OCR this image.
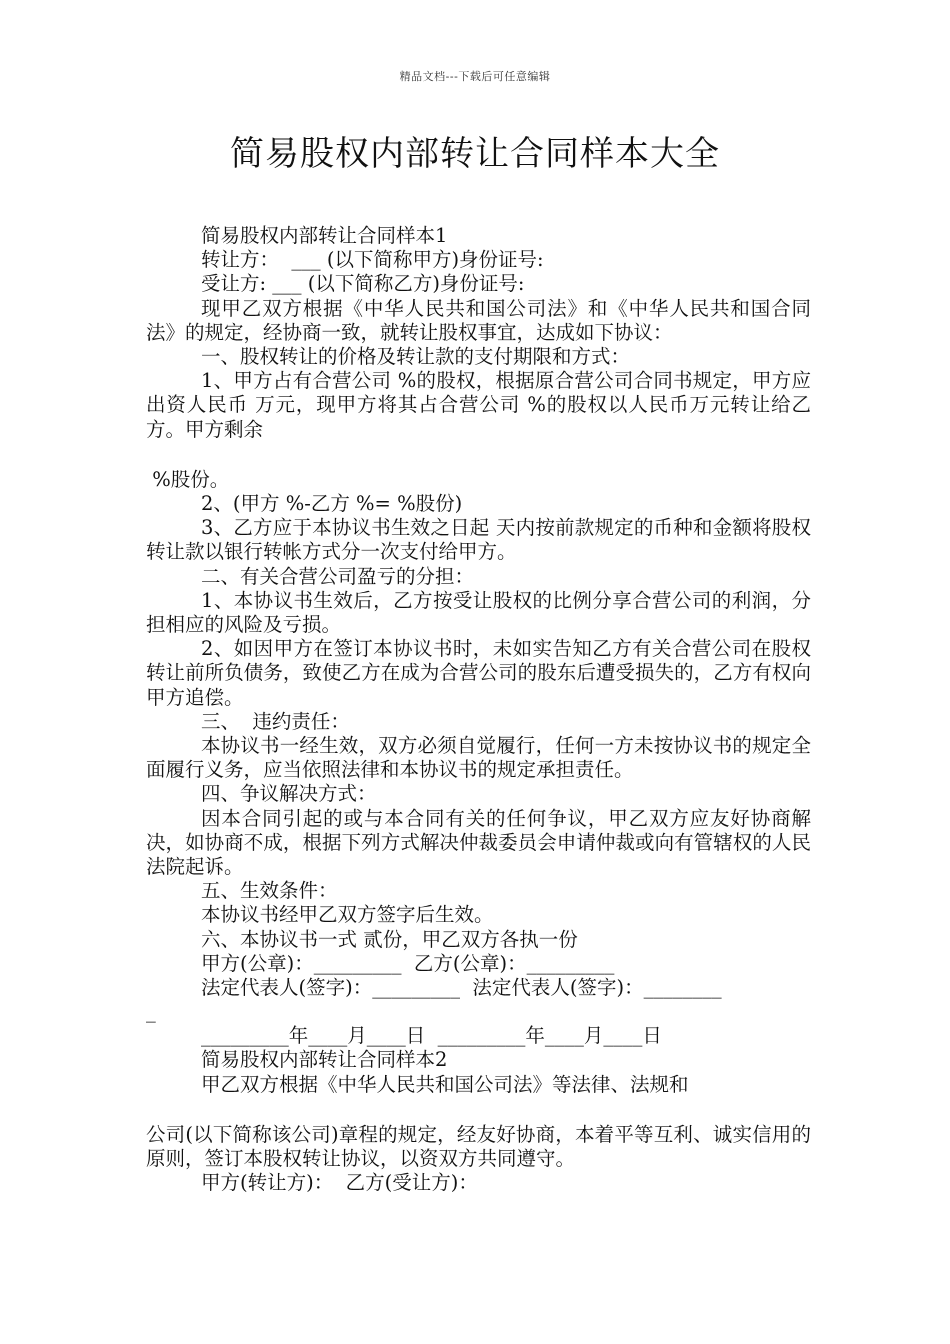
精品文档---下载后可任意编辑
简易股权内部转让合同样本大全
简易股权内部转让合同样本1
转让方：  ___ (以下简称甲方)身份证号:
受让方: ___ (以下简称乙方)身份证号:
现甲乙双方根据《中华人民共和国公司法》和《中华人民共和国合同法》的规定，经协商一致，就转让股权事宜，达成如下协议：
一、股权转让的价格及转让款的支付期限和方式：
1、甲方占有合营公司 %的股权，根据原合营公司合同书规定，甲方应出资人民币 万元，现甲方将其占合营公司 %的股权以人民币万元转让给乙方。甲方剩余
%股份。
2、(甲方 %-乙方 %= %股份)
3、乙方应于本协议书生效之日起 天内按前款规定的币种和金额将股权转让款以银行转帐方式分一次支付给甲方。
二、有关合营公司盈亏的分担：
1、本协议书生效后，乙方按受让股权的比例分享合营公司的利润，分担相应的风险及亏损。
2、如因甲方在签订本协议书时，未如实告知乙方有关合营公司在股权转让前所负债务，致使乙方在成为合营公司的股东后遭受损失的，乙方有权向甲方追偿。
三、  违约责任：
本协议书一经生效，双方必须自觉履行，任何一方未按协议书的规定全面履行义务，应当依照法律和本协议书的规定承担责任。
四、争议解决方式：
因本合同引起的或与本合同有关的任何争议，甲乙双方应友好协商解决，如协商不成，根据下列方式解决仲裁委员会申请仲裁或向有管辖权的人民法院起诉。
五、生效条件：
本协议书经甲乙双方签字后生效。
六、本协议书一式 贰份，甲乙双方各执一份
甲方(公章)：_________  乙方(公章)：_________
法定代表人(签字)：_________  法定代表人(签字)：________
_
_________年____月____日  _________年____月____日
简易股权内部转让合同样本2
甲乙双方根据《中华人民共和国公司法》等法律、法规和
公司(以下简称该公司)章程的规定，经友好协商，本着平等互利、诚实信用的原则，签订本股权转让协议，以资双方共同遵守。
甲方(转让方)：  乙方(受让方)：
